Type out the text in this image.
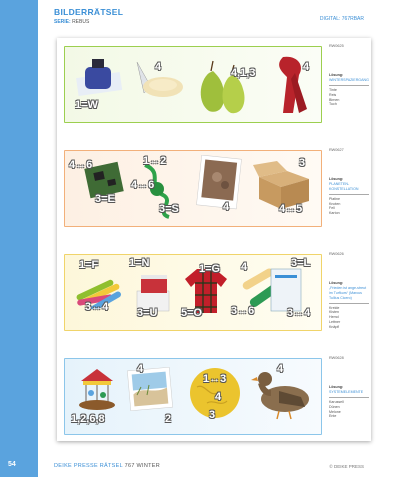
54
BILDERRÄTSEL
SERIE: REBUS	DIGITAL: 767RBAR
1=W
4	4,1,3	4
4↔6
3=E
1↔2
4↔6
3=S	4
3
4↔5
1=F
3↔4
1=N
3=U
1=G
5=O
4
3↔6
3=L
3↔4
1,2,6,8
4
2
1↔3
4
3
4
RW0625
Lösung:
WINTERSPAZIERGANG
Tinte
Reis
Birnen
Tuch
RW0627
Lösung:
PLANETEN-KONSTELLATION
Platine
Knoten
Fell
Karton
RW0626
Lösung:
„Frieden ist ange-streut im Turfkurs“ (Marcus Tullius Cicero)
Kreide
Kisten
Hemd
Lettner
Knäpfl
RW0628
Lösung:
SYSTEMELEMENTE
Karussell
Dünen
Melone
Ente
DEIKE PRESSE RÄTSEL 767 WINTER	© DEIKE PRESS
